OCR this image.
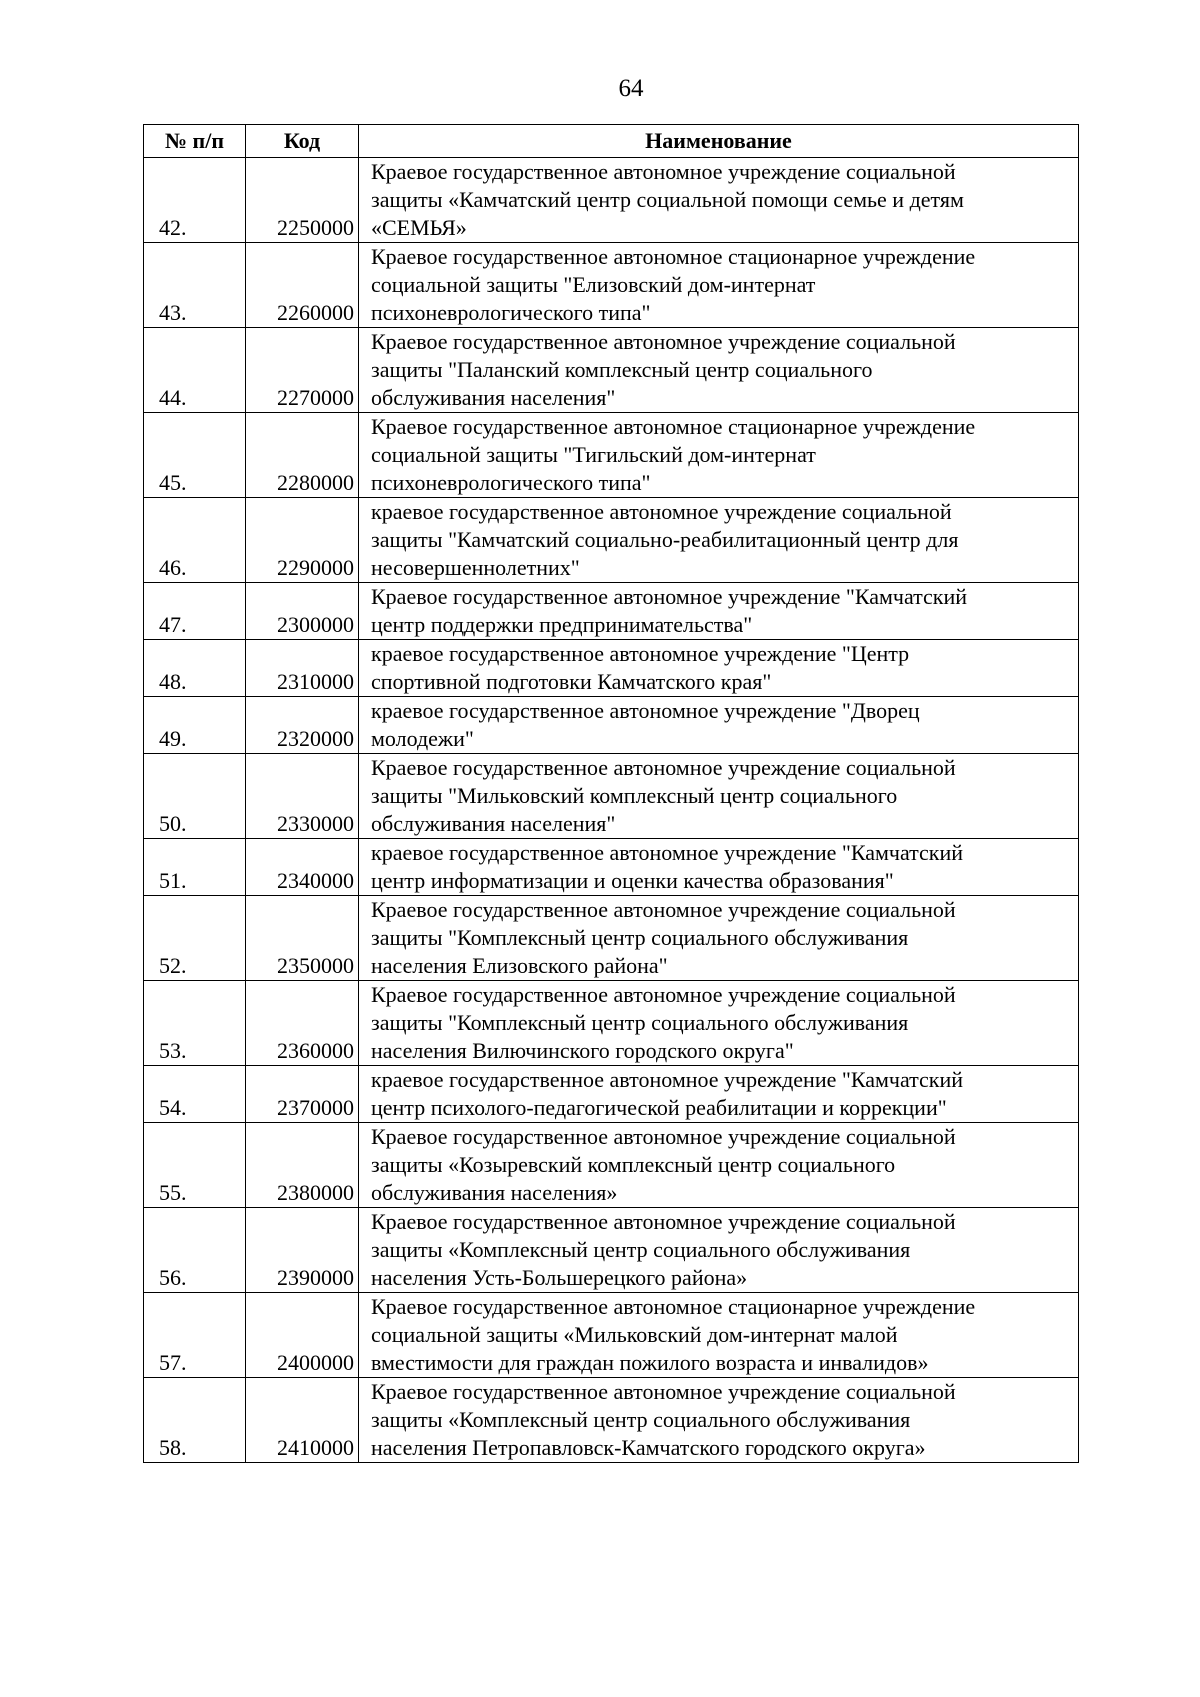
64
№ п/п	Код	Наименование
42.	2250000	Краевое государственное автономное учреждение социальной
защиты «Камчатский центр социальной помощи семье и детям
«СЕМЬЯ»

43.	2260000	Краевое государственное автономное стационарное учреждение
социальной защиты "Елизовский дом-интернат
психоневрологического типа"

44.	2270000	Краевое государственное автономное учреждение социальной
защиты "Паланский комплексный центр социального
обслуживания населения"

45.	2280000	Краевое государственное автономное стационарное учреждение
социальной защиты "Тигильский дом-интернат
психоневрологического типа"

46.	2290000	краевое государственное автономное учреждение социальной
защиты "Камчатский социально-реабилитационный центр для
несовершеннолетних"

47.	2300000	Краевое государственное автономное учреждение "Камчатский
центр поддержки предпринимательства"

48.	2310000	краевое государственное автономное учреждение "Центр
спортивной подготовки Камчатского края"

49.	2320000	краевое государственное автономное учреждение "Дворец
молодежи"

50.	2330000	Краевое государственное автономное учреждение социальной
защиты "Мильковский комплексный центр социального
обслуживания населения"

51.	2340000	краевое государственное автономное учреждение "Камчатский
центр информатизации и оценки качества образования"

52.	2350000	Краевое государственное автономное учреждение социальной
защиты "Комплексный центр социального обслуживания
населения Елизовского района"

53.	2360000	Краевое государственное автономное учреждение социальной
защиты "Комплексный центр социального обслуживания
населения Вилючинского городского округа"

54.	2370000	краевое государственное автономное учреждение "Камчатский
центр психолого-педагогической реабилитации и коррекции"

55.	2380000	Краевое государственное автономное учреждение социальной
защиты «Козыревский комплексный центр социального
обслуживания населения»

56.	2390000	Краевое государственное автономное учреждение социальной
защиты «Комплексный центр социального обслуживания
населения Усть-Большерецкого района»

57.	2400000	Краевое государственное автономное стационарное учреждение
социальной защиты «Мильковский дом-интернат малой
вместимости для граждан пожилого возраста и инвалидов»

58.	2410000	Краевое государственное автономное учреждение социальной
защиты «Комплексный центр социального обслуживания
населения Петропавловск-Камчатского городского округа»
